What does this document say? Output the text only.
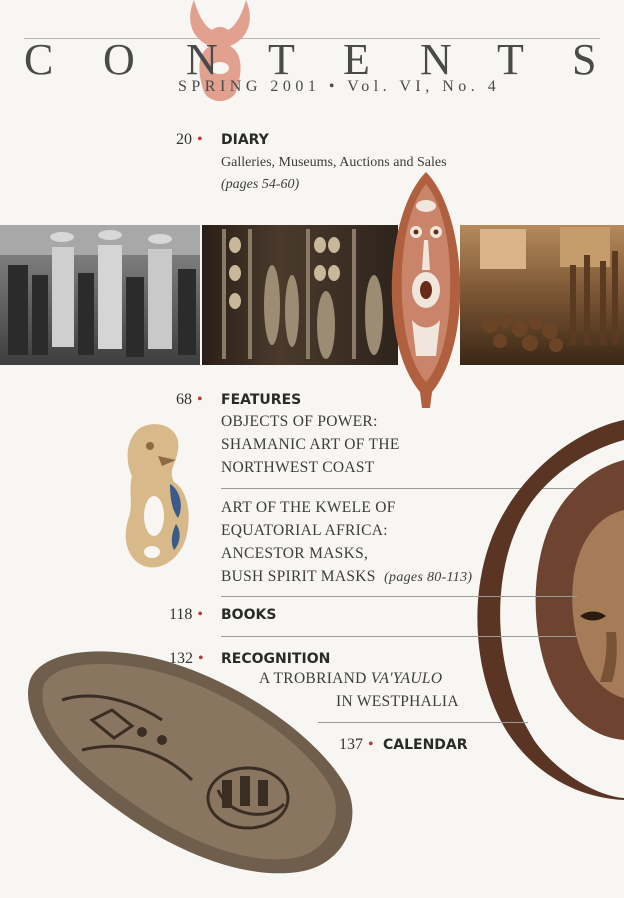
C O N T E N T S
SPRING 2001 • Vol. VI, No. 4
20 • DIARY
Galleries, Museums, Auctions and Sales
(pages 54-60)
68 • FEATURES
OBJECTS OF POWER:
SHAMANIC ART OF THE
NORTHWEST COAST
ART OF THE KWELE OF
EQUATORIAL AFRICA:
ANCESTOR MASKS,
BUSH SPIRIT MASKS (pages 80-113)
118 • BOOKS
132 • RECOGNITION
A TROBRIAND VA'YAULO
IN WESTPHALIA
137 • CALENDAR
